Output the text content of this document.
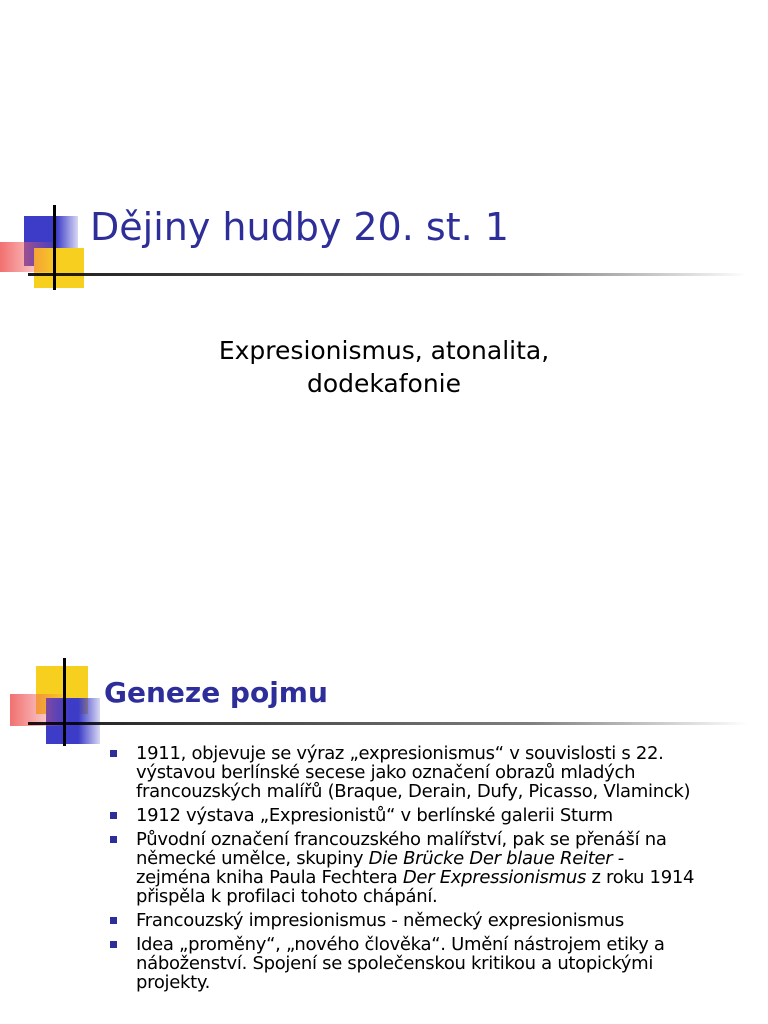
Dějiny hudby 20. st. 1
Expresionismus, atonalita,
dodekafonie
Geneze pojmu
1911, objevuje se výraz „expresionismus“ v souvislosti s 22.
výstavou berlínské secese jako označení obrazů mladých
francouzských malířů (Braque, Derain, Dufy, Picasso, Vlaminck)
1912 výstava „Expresionistů“ v berlínské galerii Sturm
Původní označení francouzského malířství, pak se přenáší na
německé umělce, skupiny Die Brücke Der blaue Reiter -
zejména kniha Paula Fechtera Der Expressionismus z roku 1914
přispěla k profilaci tohoto chápání.
Francouzský impresionismus - německý expresionismus
Idea „proměny“, „nového člověka“. Umění nástrojem etiky a
náboženství. Spojení se společenskou kritikou a utopickými
projekty.
